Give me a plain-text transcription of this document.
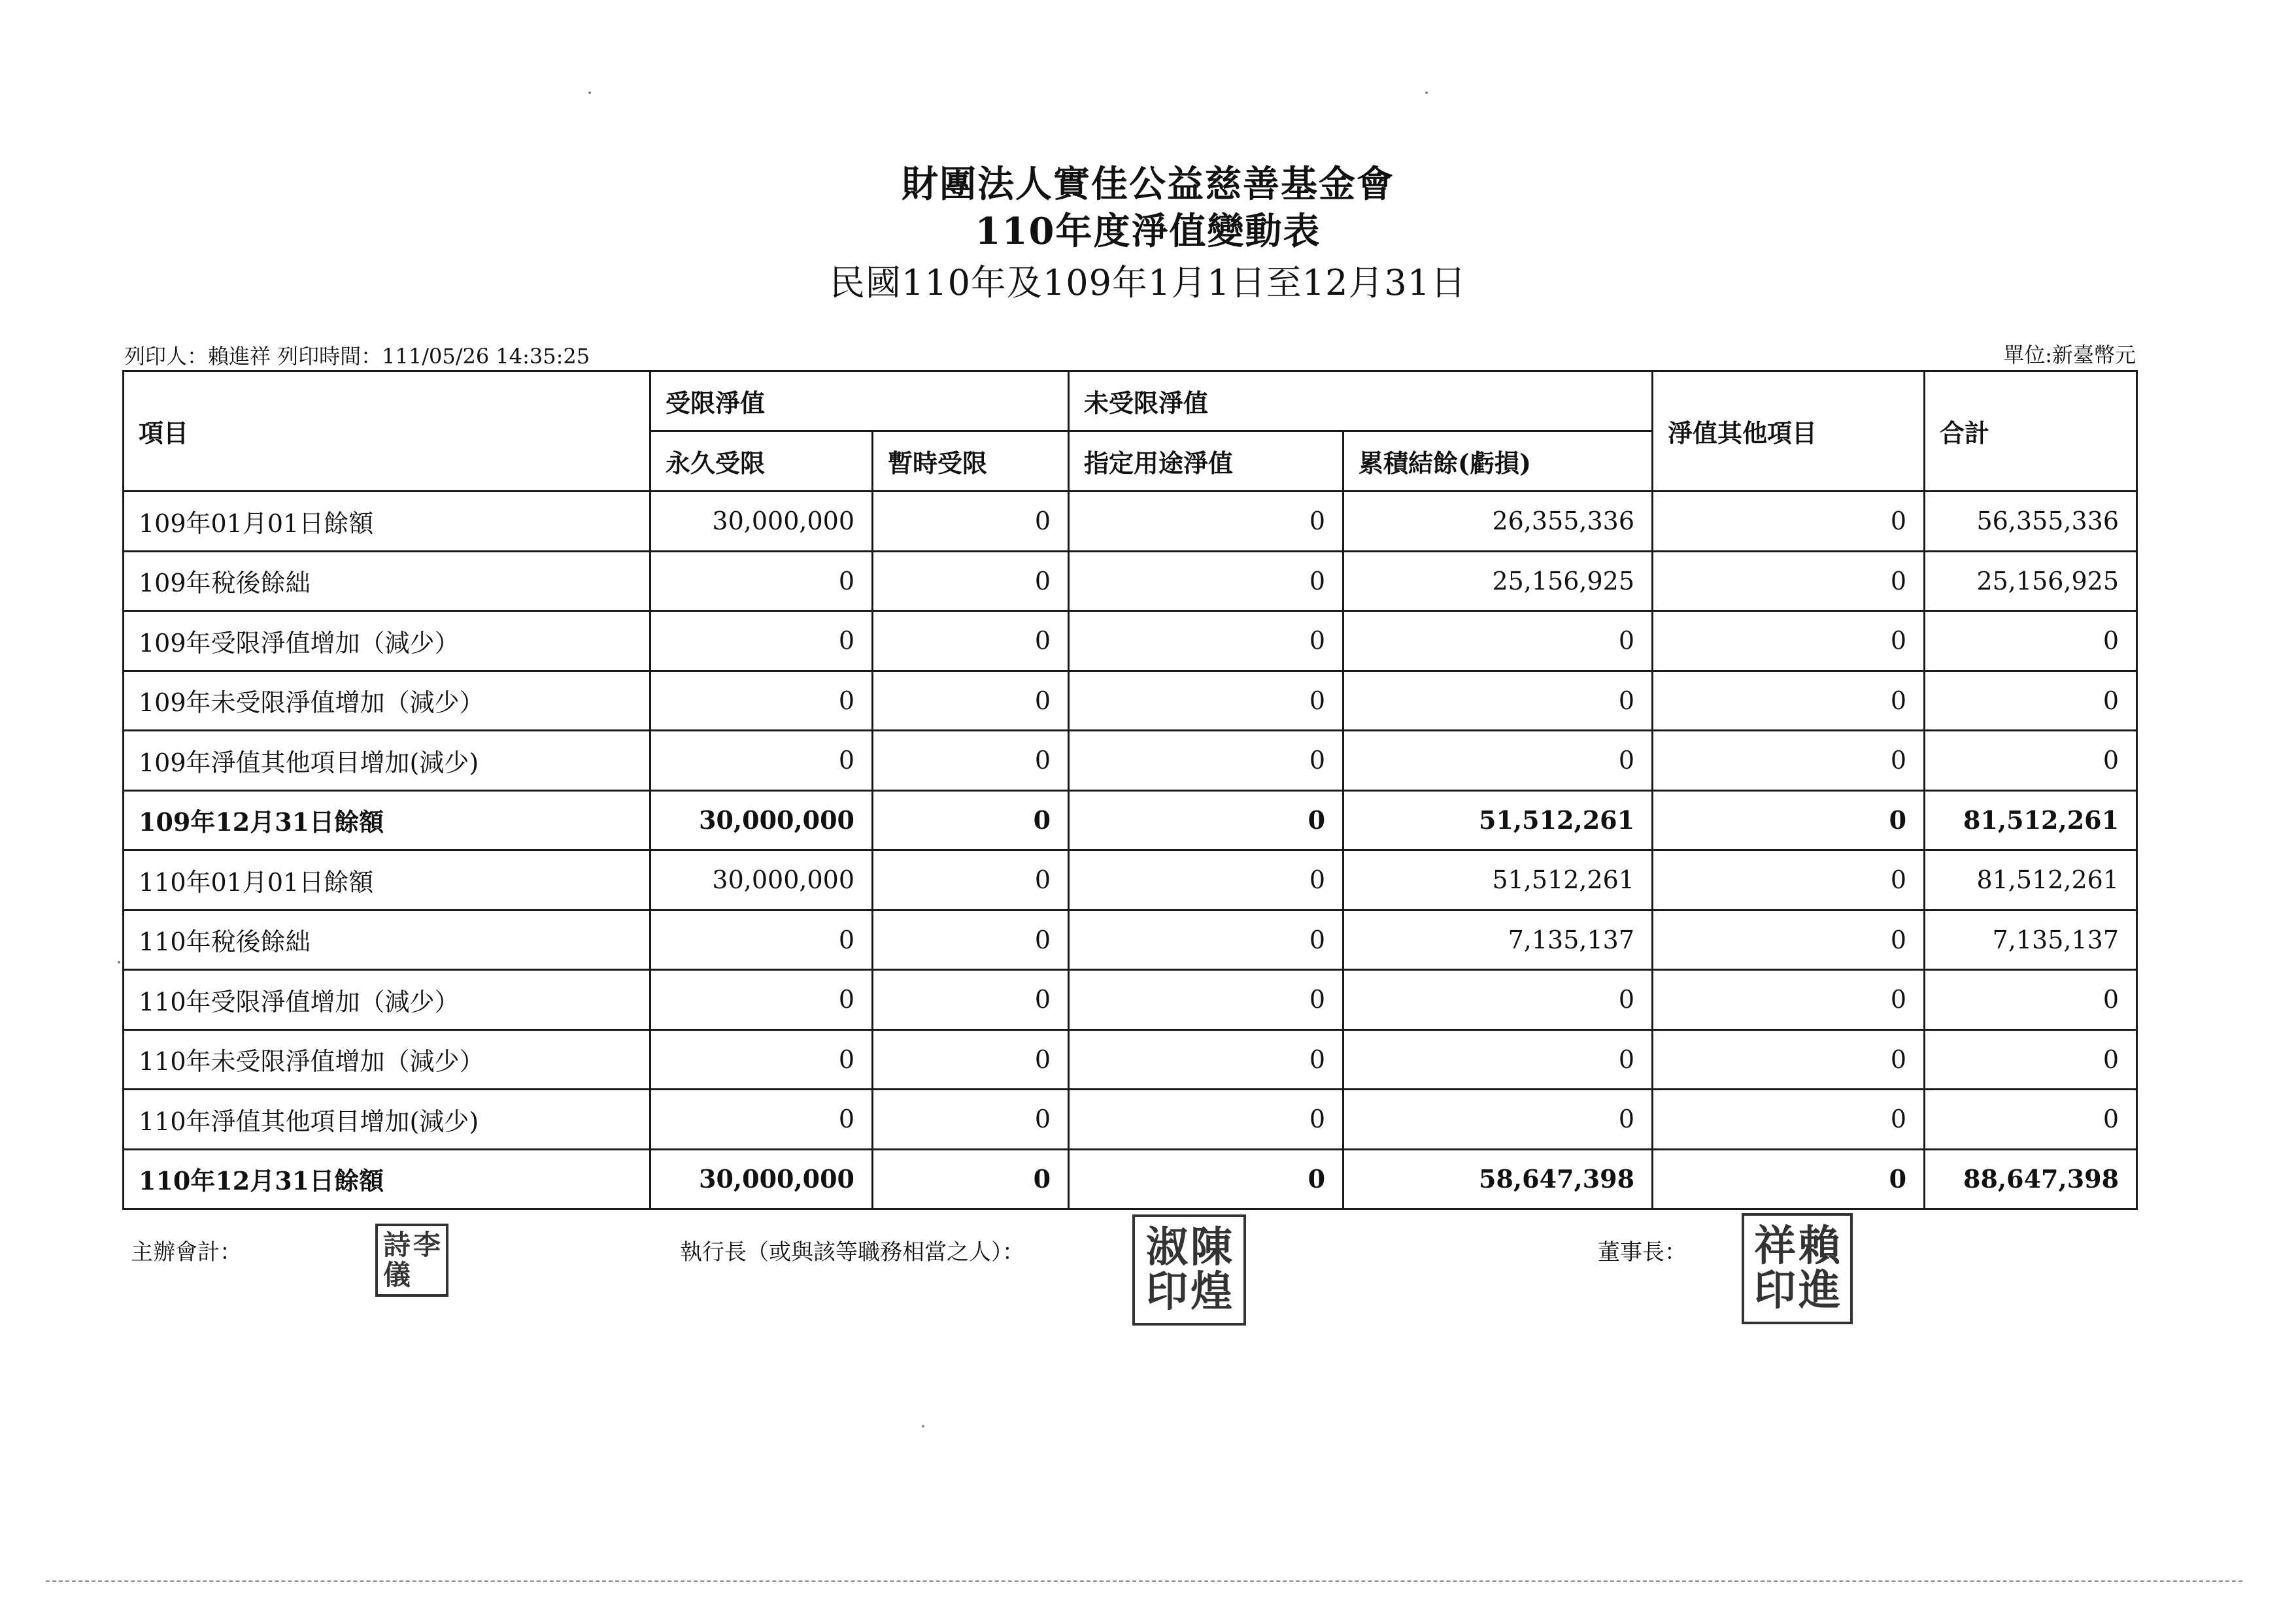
財團法人實佳公益慈善基金會
110年度淨值變動表
民國110年及109年1月1日至12月31日
列印人：賴進祥 列印時間：111/05/26 14:35:25	單位:新臺幣元
項目	受限淨值		未受限淨值		淨值其他項目	合計
	永久受限	暫時受限	指定用途淨值	累積結餘(虧損)		
109年01月01日餘額	30,000,000	0	0	26,355,336	0	56,355,336
109年稅後餘絀	0	0	0	25,156,925	0	25,156,925
109年受限淨值增加（減少）	0	0	0	0	0	0
109年未受限淨值增加（減少）	0	0	0	0	0	0
109年淨值其他項目增加(減少)	0	0	0	0	0	0
109年12月31日餘額	30,000,000	0	0	51,512,261	0	81,512,261
110年01月01日餘額	30,000,000	0	0	51,512,261	0	81,512,261
110年稅後餘絀	0	0	0	7,135,137	0	7,135,137
110年受限淨值增加（減少）	0	0	0	0	0	0
110年未受限淨值增加（減少）	0	0	0	0	0	0
110年淨值其他項目增加(減少)	0	0	0	0	0	0
110年12月31日餘額	30,000,000	0	0	58,647,398	0	88,647,398
主辦會計：	詩 李
儀
執行長（或與該等職務相當之人）：	淑 陳
印 煌
董事長： 祥 賴
印 進
